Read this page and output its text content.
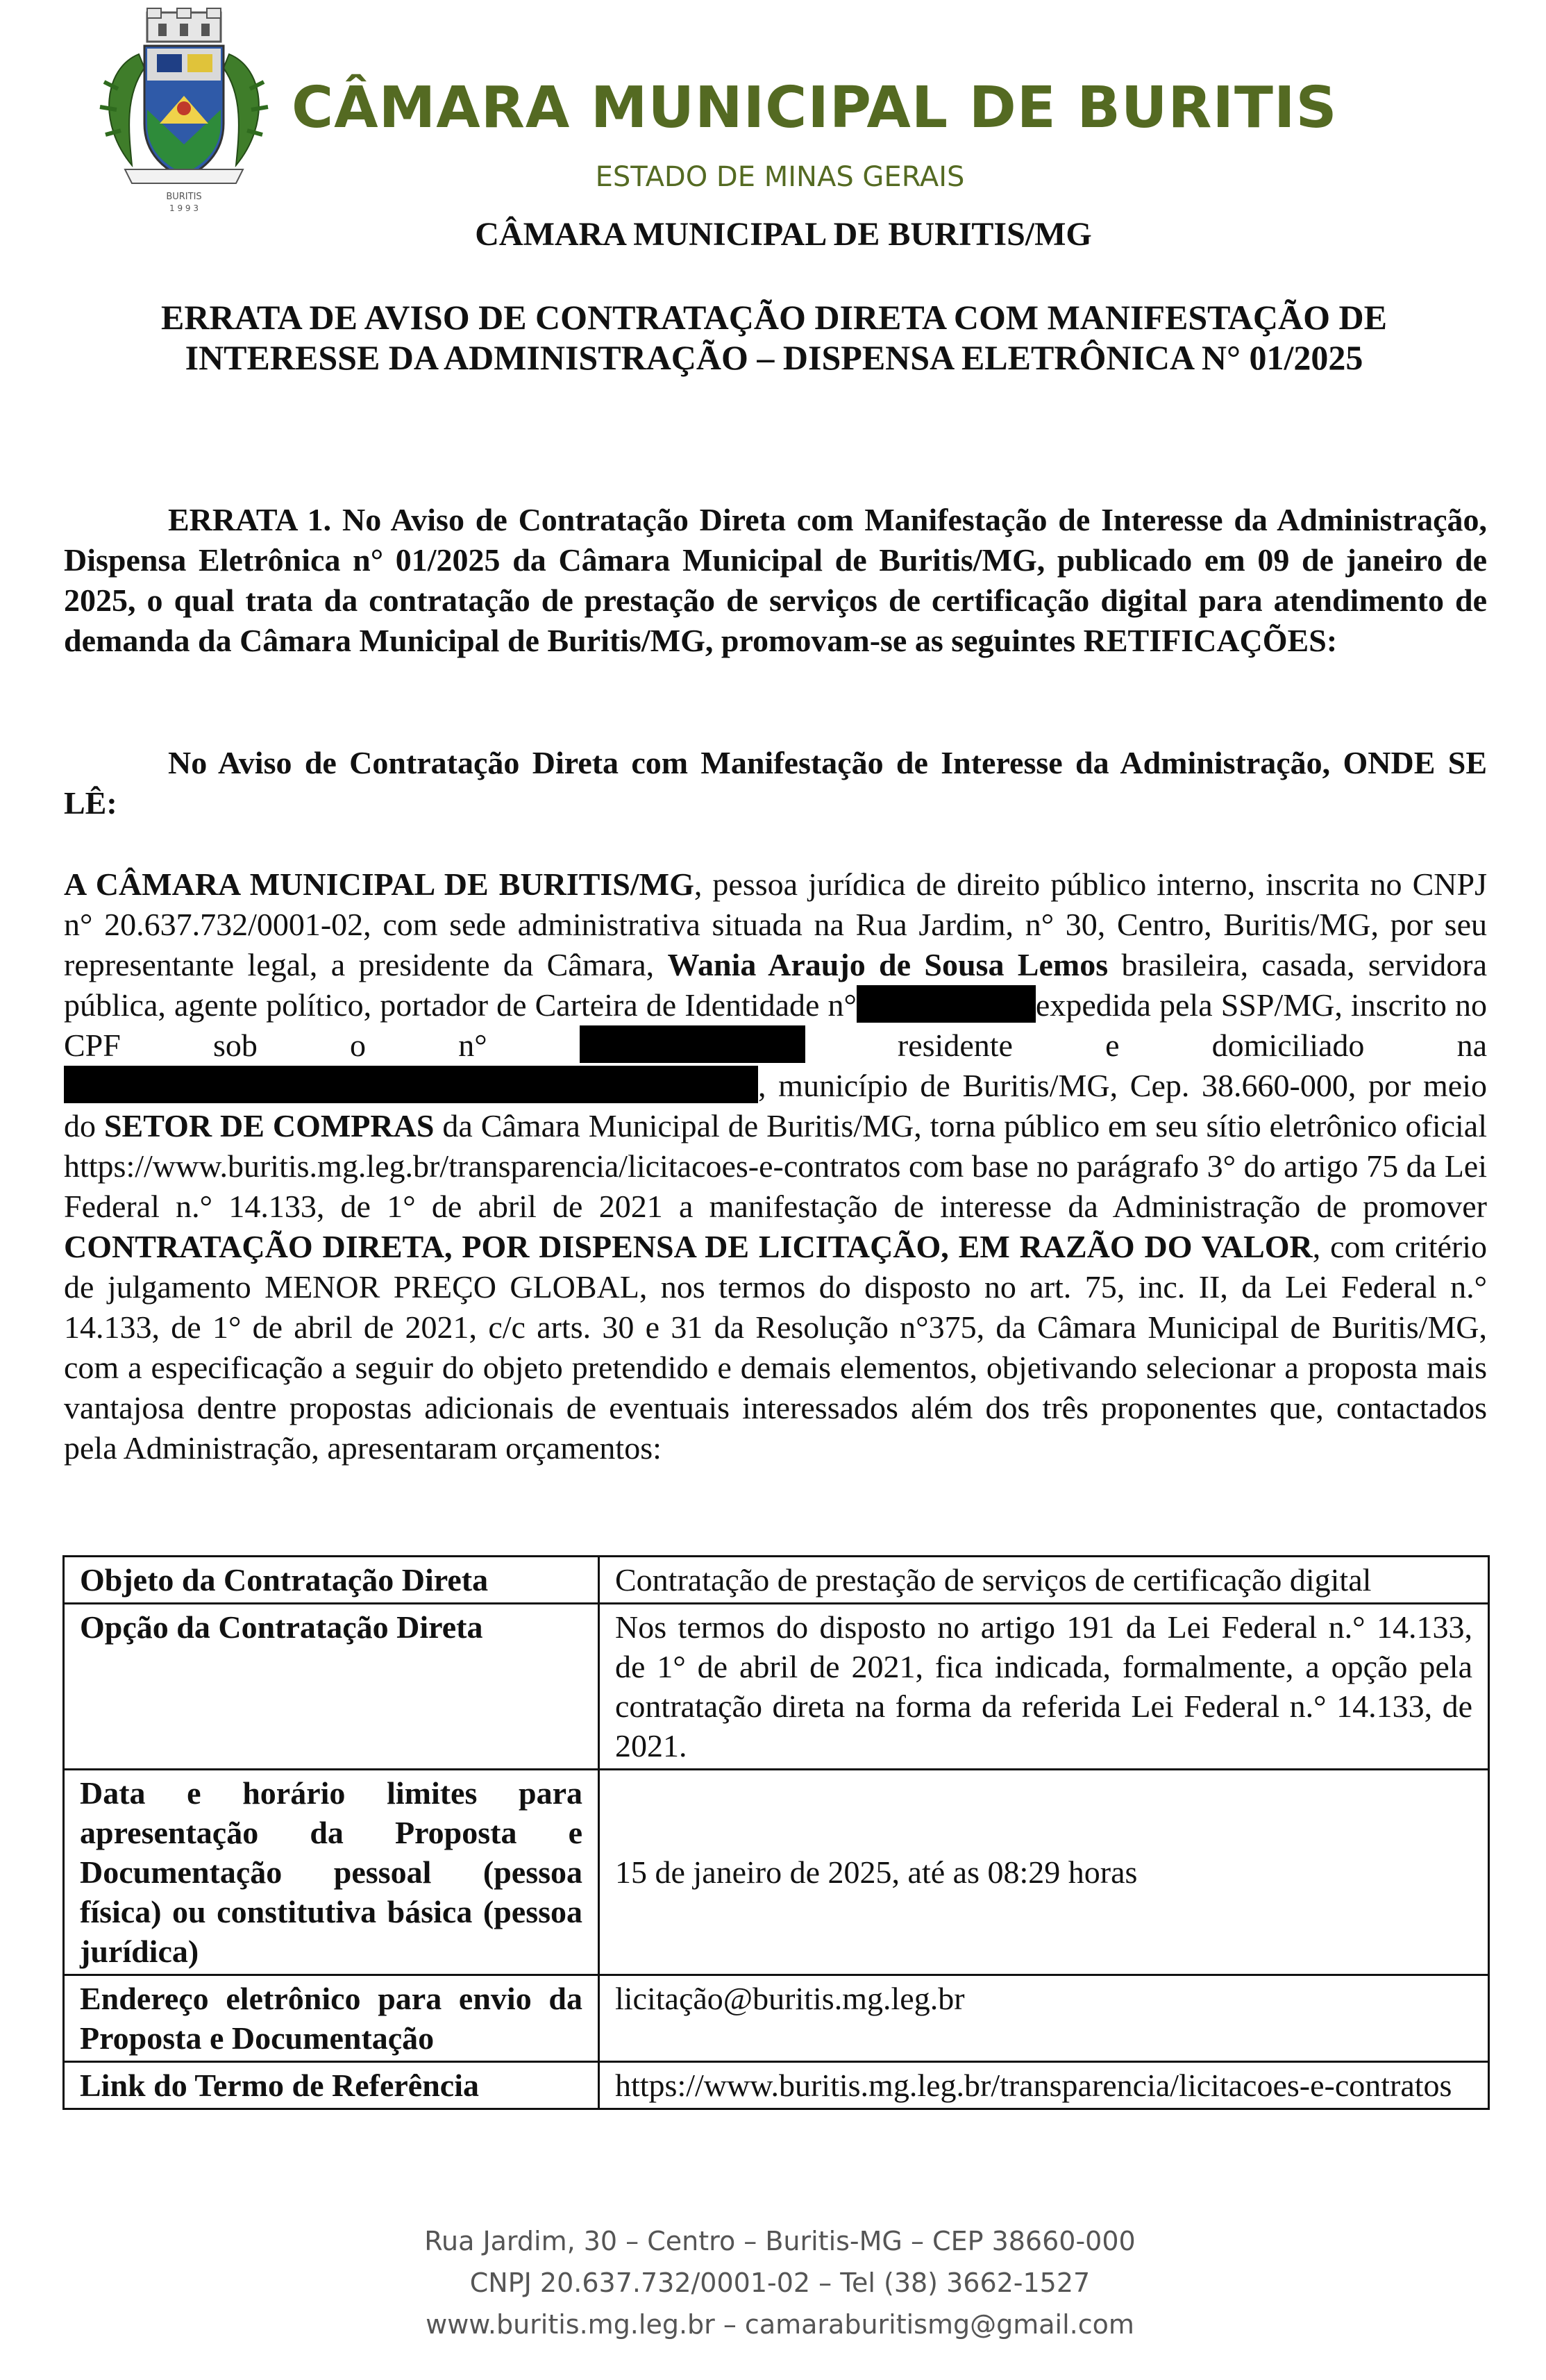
BURITIS
1 9 9 3
CÂMARA MUNICIPAL DE BURITIS
ESTADO DE MINAS GERAIS
CÂMARA MUNICIPAL DE BURITIS/MG
ERRATA DE AVISO DE CONTRATAÇÃO DIRETA COM MANIFESTAÇÃO DE
INTERESSE DA ADMINISTRAÇÃO – DISPENSA ELETRÔNICA N° 01/2025
ERRATA 1. No Aviso de Contratação Direta com Manifestação de Interesse da Administração, Dispensa Eletrônica n° 01/2025 da Câmara Municipal de Buritis/MG, publicado em 09 de janeiro de 2025, o qual trata da contratação de prestação de serviços de certificação digital para atendimento de demanda da Câmara Municipal de Buritis/MG, promovam-se as seguintes RETIFICAÇÕES:
No Aviso de Contratação Direta com Manifestação de Interesse da Administração, ONDE SE LÊ:
A CÂMARA MUNICIPAL DE BURITIS/MG, pessoa jurídica de direito público interno, inscrita no CNPJ n° 20.637.732/0001-02, com sede administrativa situada na Rua Jardim, n° 30, Centro, Buritis/MG, por seu representante legal, a presidente da Câmara, Wania Araujo de Sousa Lemos brasileira, casada, servidora pública, agente político, portador de Carteira de Identidade n°	expedida pela SSP/MG, inscrito no CPF sob o n°	residente e domiciliado na , município de Buritis/MG, Cep. 38.660-000, por meio do SETOR DE COMPRAS da Câmara Municipal de Buritis/MG, torna público em seu sítio eletrônico oficial https://www.buritis.mg.leg.br/transparencia/licitacoes-e-contratos com base no parágrafo 3° do artigo 75 da Lei Federal n.° 14.133, de 1° de abril de 2021 a manifestação de interesse da Administração de promover CONTRATAÇÃO DIRETA, POR DISPENSA DE LICITAÇÃO, EM RAZÃO DO VALOR, com critério de julgamento MENOR PREÇO GLOBAL, nos termos do disposto no art. 75, inc. II, da Lei Federal n.° 14.133, de 1° de abril de 2021, c/c arts. 30 e 31 da Resolução n°375, da Câmara Municipal de Buritis/MG, com a especificação a seguir do objeto pretendido e demais elementos, objetivando selecionar a proposta mais vantajosa dentre propostas adicionais de eventuais interessados além dos três proponentes que, contactados pela Administração, apresentaram orçamentos:
Objeto da Contratação Direta	Contratação de prestação de serviços de certificação digital
Opção da Contratação Direta	Nos termos do disposto no artigo 191 da Lei Federal n.° 14.133, de 1° de abril de 2021, fica indicada, formalmente, a opção pela contratação direta na forma da referida Lei Federal n.° 14.133, de 2021.
Data e horário limites para apresentação da Proposta e Documentação pessoal (pessoa física) ou constitutiva básica (pessoa jurídica)	15 de janeiro de 2025, até as 08:29 horas
Endereço eletrônico para envio da Proposta e Documentação	licitação@buritis.mg.leg.br
Link do Termo de Referência	https://www.buritis.mg.leg.br/transparencia/licitacoes-e-contratos
Rua Jardim, 30 – Centro – Buritis-MG – CEP 38660-000
CNPJ 20.637.732/0001-02 – Tel (38) 3662-1527
www.buritis.mg.leg.br – camaraburitismg@gmail.com
